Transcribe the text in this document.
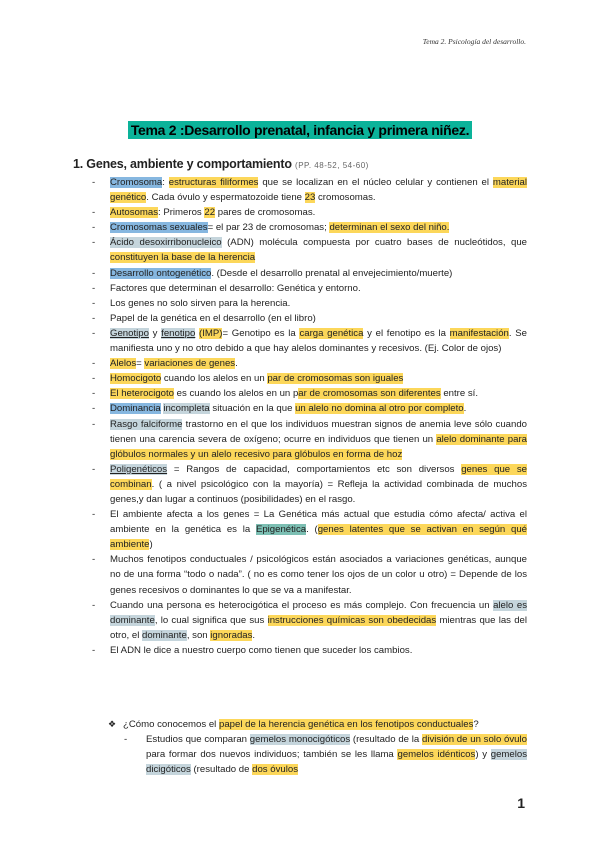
Tema 2. Psicología del desarrollo.
Tema 2 :Desarrollo prenatal, infancia y primera niñez.
1. Genes, ambiente y comportamiento (PP. 48-52, 54-60)
- Cromosoma: estructuras filiformes que se localizan en el núcleo celular y contienen el material genético. Cada óvulo y espermatozoide tiene 23 cromosomas.
- Autosomas: Primeros 22 pares de cromosomas.
- Cromosomas sexuales= el par 23 de cromosomas; determinan el sexo del niño.
- Ácido desoxirribonucleico (ADN) molécula compuesta por cuatro bases de nucleótidos, que constituyen la base de la herencia
- Desarrollo ontogenético. (Desde el desarrollo prenatal al envejecimiento/muerte)
- Factores que determinan el desarrollo: Genética y entorno.
- Los genes no solo sirven para la herencia.
- Papel de la genética en el desarrollo (en el libro)
- Genotipo y fenotipo (IMP)= Genotipo es la carga genética y el fenotipo es la manifestación. Se manifiesta uno y no otro debido a que hay alelos dominantes y recesivos. (Ej. Color de ojos)
- Alelos= variaciones de genes.
- Homocigoto cuando los alelos en un par de cromosomas son iguales
- El heterocigoto es cuando los alelos en un par de cromosomas son diferentes entre sí.
- Dominancia incompleta situación en la que un alelo no domina al otro por completo.
- Rasgo falciforme trastorno en el que los individuos muestran signos de anemia leve sólo cuando tienen una carencia severa de oxígeno; ocurre en individuos que tienen un alelo dominante para glóbulos normales y un alelo recesivo para glóbulos en forma de hoz
- Poligenéticos = Rangos de capacidad, comportamientos etc son diversos genes que se combinan. ( a nivel psicológico con la mayoría) = Refleja la actividad combinada de muchos genes,y dan lugar a continuos (posibilidades) en el rasgo.
- El ambiente afecta a los genes = La Genética más actual que estudia cómo afecta/ activa el ambiente en la genética es la Epigenética. (genes latentes que se activan en según qué ambiente)
- Muchos fenotipos conductuales / psicológicos están asociados a variaciones genéticas, aunque no de una forma “todo o nada”. ( no es como tener los ojos de un color u otro) = Depende de los genes recesivos o dominantes lo que se va a manifestar.
- Cuando una persona es heterocigótica el proceso es más complejo. Con frecuencia un alelo es dominante, lo cual significa que sus instrucciones químicas son obedecidas mientras que las del otro, el dominante, son ignoradas.
- El ADN le dice a nuestro cuerpo como tienen que suceder los cambios.
❖ ¿Cómo conocemos el papel de la herencia genética en los fenotipos conductuales?
- Estudios que comparan gemelos monocigóticos (resultado de la división de un solo óvulo para formar dos nuevos individuos; también se les llama gemelos idénticos) y gemelos dicigóticos (resultado de dos óvulos
1
